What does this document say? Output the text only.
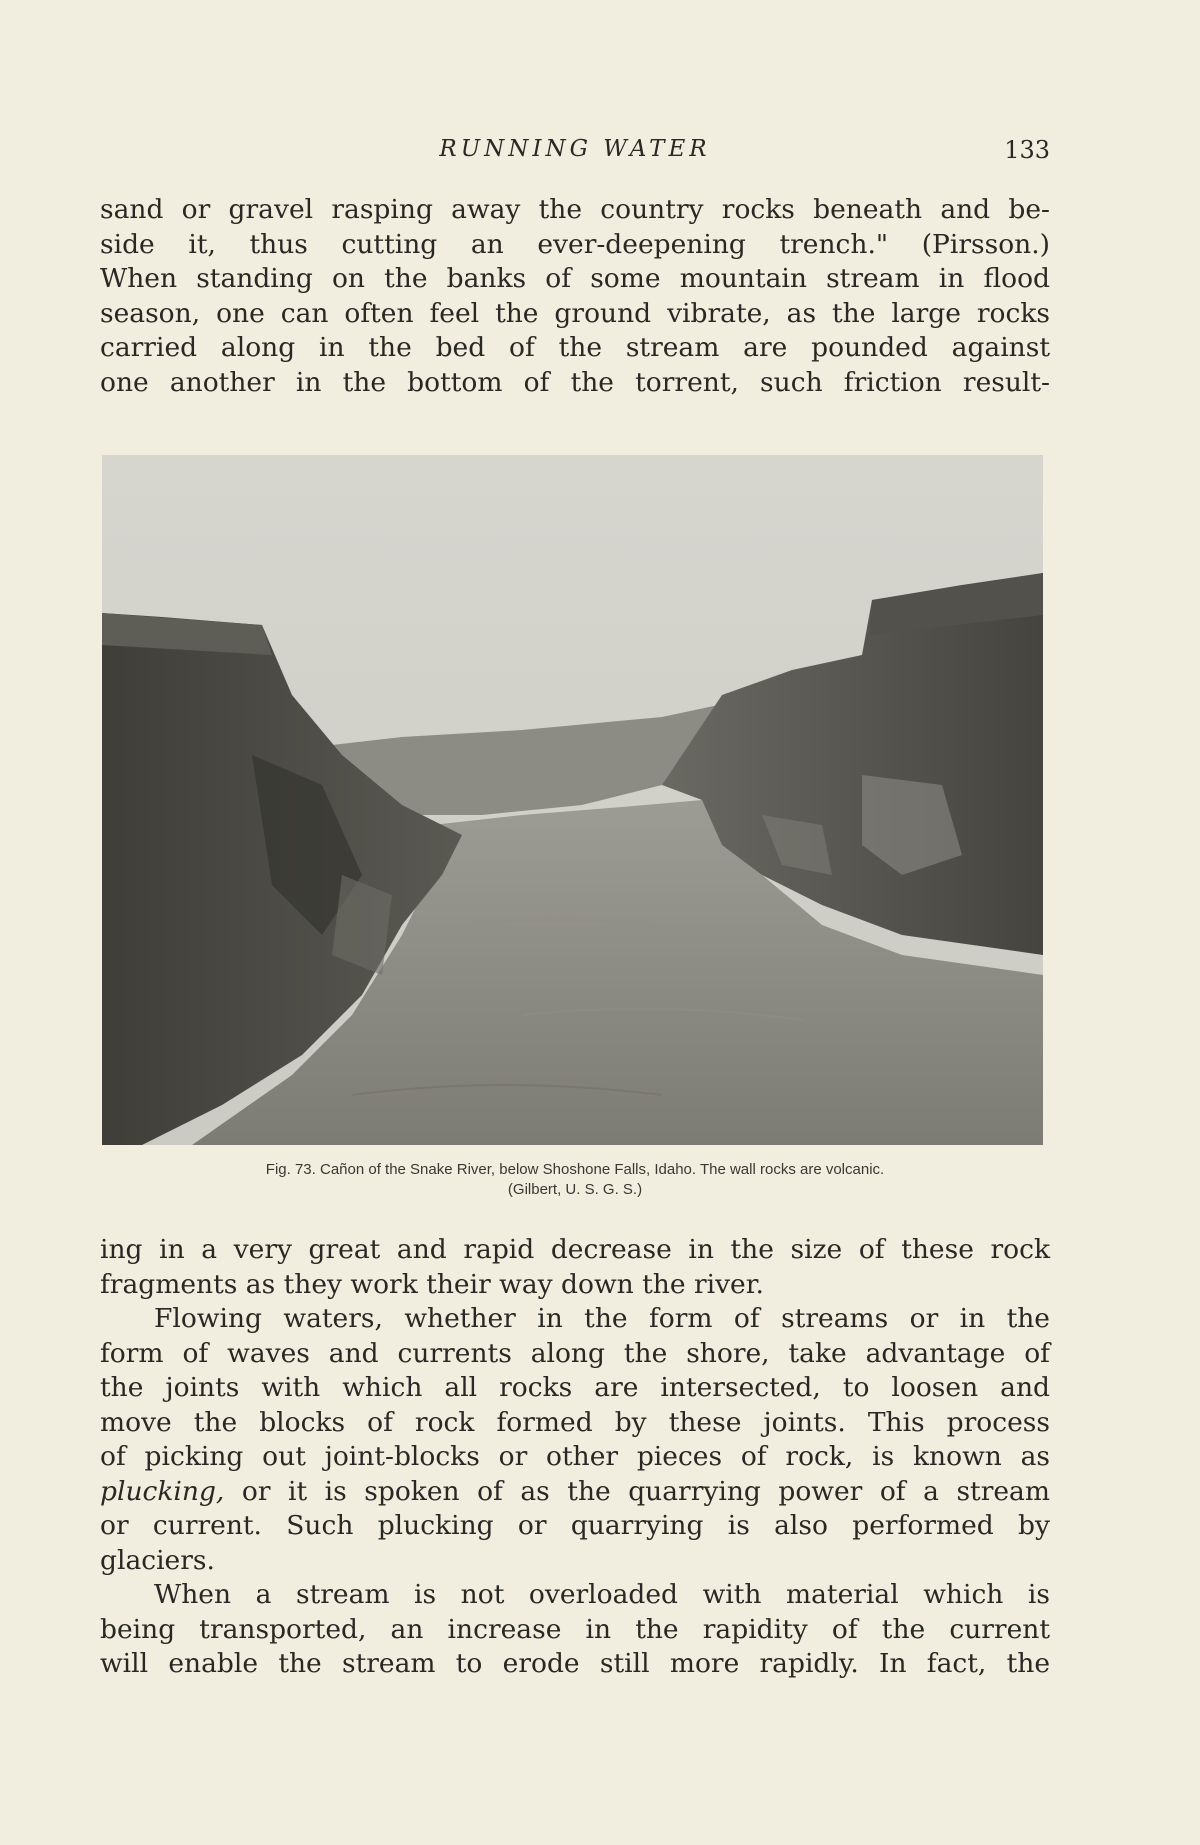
RUNNING WATER	133
sand or gravel rasping away the country rocks beneath and be-
side it, thus cutting an ever-deepening trench." (Pirsson.)
When standing on the banks of some mountain stream in flood
season, one can often feel the ground vibrate, as the large rocks
carried along in the bed of the stream are pounded against
one another in the bottom of the torrent, such friction result-
Fig. 73. Cañon of the Snake River, below Shoshone Falls, Idaho. The wall rocks are volcanic.
(Gilbert, U. S. G. S.)
ing in a very great and rapid decrease in the size of these rock
fragments as they work their way down the river.
Flowing waters, whether in the form of streams or in the
form of waves and currents along the shore, take advantage of
the joints with which all rocks are intersected, to loosen and
move the blocks of rock formed by these joints. This process
of picking out joint-blocks or other pieces of rock, is known as
plucking, or it is spoken of as the quarrying power of a stream
or current. Such plucking or quarrying is also performed by
glaciers.
When a stream is not overloaded with material which is
being transported, an increase in the rapidity of the current
will enable the stream to erode still more rapidly. In fact, the
